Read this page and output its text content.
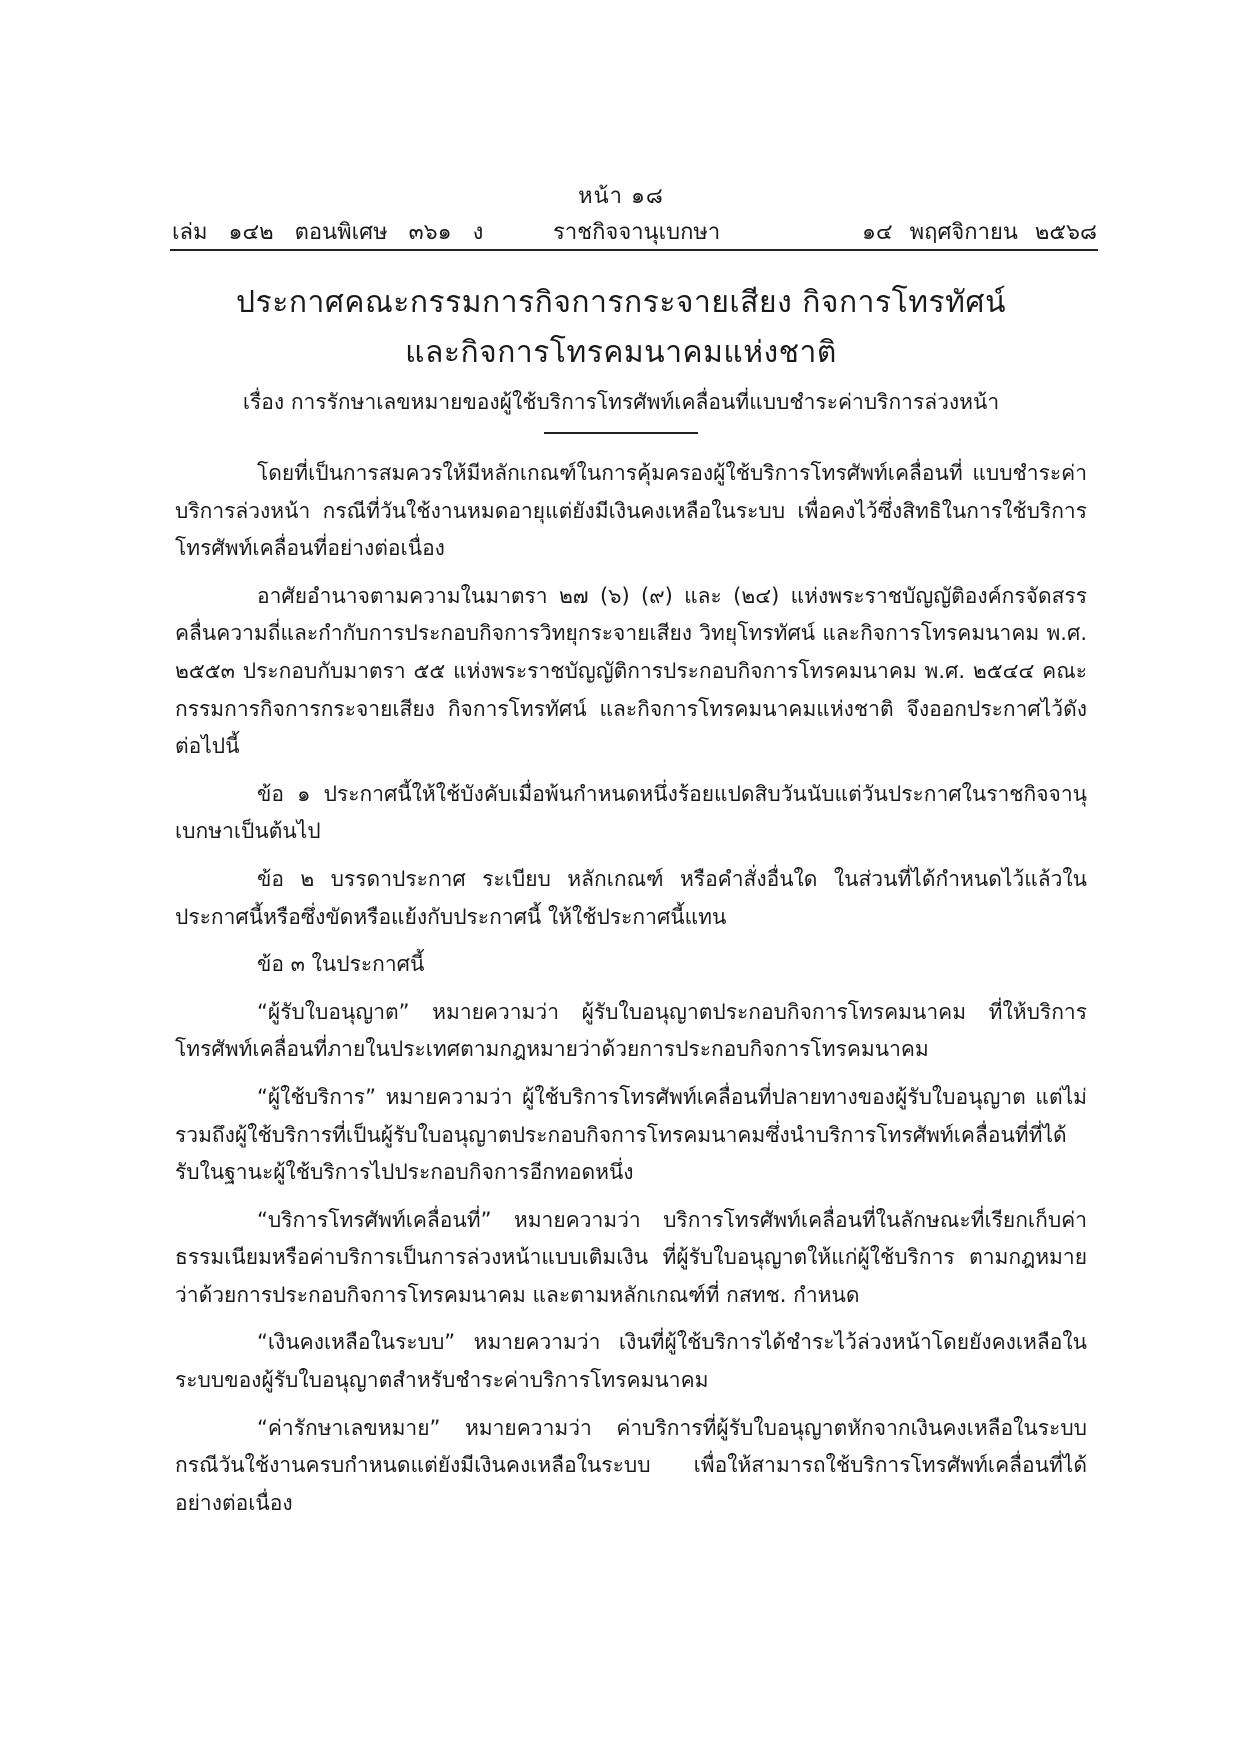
หน้า ๑๘
เล่ม ๑๔๒ ตอนพิเศษ ๓๖๑ ง	ราชกิจจานุเบกษา	๑๔ พฤศจิกายน ๒๕๖๘
ประกาศคณะกรรมการกิจการกระจายเสียง กิจการโทรทัศน์
และกิจการโทรคมนาคมแห่งชาติ
เรื่อง การรักษาเลขหมายของผู้ใช้บริการโทรศัพท์เคลื่อนที่แบบชำระค่าบริการล่วงหน้า

โดยที่เป็นการสมควรให้มีหลักเกณฑ์ในการคุ้มครองผู้ใช้บริการโทรศัพท์เคลื่อนที่ แบบชำระค่าบริการล่วงหน้า กรณีที่วันใช้งานหมดอายุแต่ยังมีเงินคงเหลือในระบบ เพื่อคงไว้ซึ่งสิทธิในการใช้บริการโทรศัพท์เคลื่อนที่อย่างต่อเนื่อง

อาศัยอำนาจตามความในมาตรา ๒๗ (๖) (๙) และ (๒๔) แห่งพระราชบัญญัติองค์กรจัดสรรคลื่นความถี่และกำกับการประกอบกิจการวิทยุกระจายเสียง วิทยุโทรทัศน์ และกิจการโทรคมนาคม พ.ศ. ๒๕๕๓ ประกอบกับมาตรา ๕๕ แห่งพระราชบัญญัติการประกอบกิจการโทรคมนาคม พ.ศ. ๒๕๔๔ คณะกรรมการกิจการกระจายเสียง กิจการโทรทัศน์ และกิจการโทรคมนาคมแห่งชาติ จึงออกประกาศไว้ดังต่อไปนี้

ข้อ ๑ ประกาศนี้ให้ใช้บังคับเมื่อพ้นกำหนดหนึ่งร้อยแปดสิบวันนับแต่วันประกาศในราชกิจจานุเบกษาเป็นต้นไป

ข้อ ๒ บรรดาประกาศ ระเบียบ หลักเกณฑ์ หรือคำสั่งอื่นใด ในส่วนที่ได้กำหนดไว้แล้วในประกาศนี้หรือซึ่งขัดหรือแย้งกับประกาศนี้ ให้ใช้ประกาศนี้แทน

ข้อ ๓ ในประกาศนี้

“ผู้รับใบอนุญาต” หมายความว่า ผู้รับใบอนุญาตประกอบกิจการโทรคมนาคม ที่ให้บริการโทรศัพท์เคลื่อนที่ภายในประเทศตามกฎหมายว่าด้วยการประกอบกิจการโทรคมนาคม

“ผู้ใช้บริการ” หมายความว่า ผู้ใช้บริการโทรศัพท์เคลื่อนที่ปลายทางของผู้รับใบอนุญาต แต่ไม่รวมถึงผู้ใช้บริการที่เป็นผู้รับใบอนุญาตประกอบกิจการโทรคมนาคมซึ่งนำบริการโทรศัพท์เคลื่อนที่ที่ได้รับในฐานะผู้ใช้บริการไปประกอบกิจการอีกทอดหนึ่ง

“บริการโทรศัพท์เคลื่อนที่” หมายความว่า บริการโทรศัพท์เคลื่อนที่ในลักษณะที่เรียกเก็บค่าธรรมเนียมหรือค่าบริการเป็นการล่วงหน้าแบบเติมเงิน ที่ผู้รับใบอนุญาตให้แก่ผู้ใช้บริการ ตามกฎหมายว่าด้วยการประกอบกิจการโทรคมนาคม และตามหลักเกณฑ์ที่ กสทช. กำหนด

“เงินคงเหลือในระบบ” หมายความว่า เงินที่ผู้ใช้บริการได้ชำระไว้ล่วงหน้าโดยยังคงเหลือในระบบของผู้รับใบอนุญาตสำหรับชำระค่าบริการโทรคมนาคม

“ค่ารักษาเลขหมาย” หมายความว่า ค่าบริการที่ผู้รับใบอนุญาตหักจากเงินคงเหลือในระบบ กรณีวันใช้งานครบกำหนดแต่ยังมีเงินคงเหลือในระบบ เพื่อให้สามารถใช้บริการโทรศัพท์เคลื่อนที่ได้อย่างต่อเนื่อง
